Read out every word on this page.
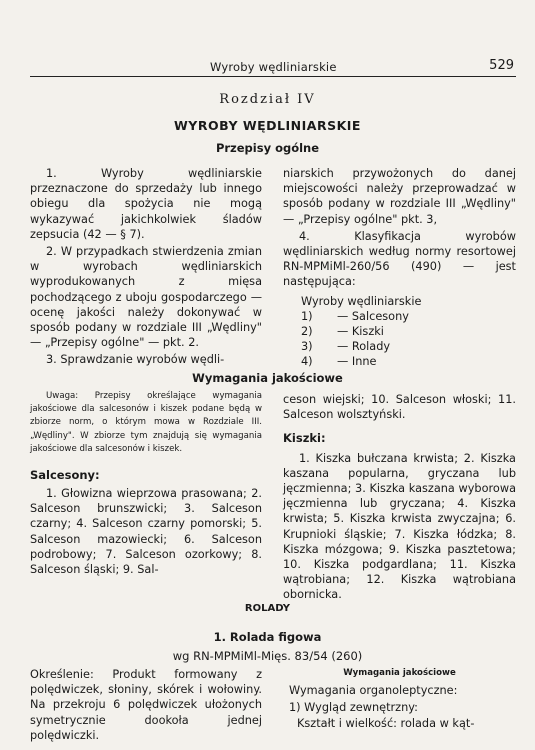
Wyroby wędliniarskie	529
Rozdział IV
WYROBY WĘDLINIARSKIE
Przepisy ogólne

1. Wyroby wędliniarskie przeznaczone do sprzedaży lub innego obiegu dla spożycia nie mogą wykazywać jakichkolwiek śladów zepsucia (42 — § 7).

2. W przypadkach stwierdzenia zmian w wyrobach wędliniarskich wyprodukowanych z mięsa pochodzącego z uboju gospodarczego — ocenę jakości należy dokonywać w sposób podany w rozdziale III „Wędliny" — „Przepisy ogólne" — pkt. 2.

3. Sprawdzanie wyrobów wędli-

niarskich przywożonych do danej miejscowości należy przeprowadzać w sposób podany w rozdziale III „Wędliny" — „Przepisy ogólne" pkt. 3,

4. Klasyfikacja wyrobów wędliniarskich według normy resortowej RN-MPMiMl-260/56 (490) — jest następująca:

Wyroby wędliniarskie

1)	— Salcesony
2)	— Kiszki
3)	— Rolady
4)	— Inne
Wymagania jakościowe

Uwaga: Przepisy określające wymagania jakościowe dla salcesonów i kiszek podane będą w zbiorze norm, o którym mowa w Rozdziale III. „Wędliny". W zbiorze tym znajdują się wymagania jakościowe dla salcesonów i kiszek.

Salcesony:

1. Głowizna wieprzowa prasowana; 2. Salceson brunszwicki; 3. Salceson czarny; 4. Salceson czarny pomorski; 5. Salceson mazowiecki; 6. Salceson podrobowy; 7. Salceson ozorkowy; 8. Salceson śląski; 9. Sal-

ceson wiejski; 10. Salceson włoski; 11. Salceson wolsztyński.

Kiszki:

1. Kiszka bułczana krwista; 2. Kiszka kaszana popularna, gryczana lub jęczmienna; 3. Kiszka kaszana wyborowa jęczmienna lub gryczana; 4. Kiszka krwista; 5. Kiszka krwista zwyczajna; 6. Krupnioki śląskie; 7. Kiszka łódzka; 8. Kiszka mózgowa; 9. Kiszka pasztetowa; 10. Kiszka podgardlana; 11. Kiszka wątrobiana; 12. Kiszka wątrobiana obornicka.

ROLADY
1. Rolada figowa
wg RN-MPMiMl-Mięs. 83/54 (260)

Określenie: Produkt formowany z polędwiczek, słoniny, skórek i wołowiny. Na przekroju 6 polędwiczek ułożonych symetrycznie dookoła jednej polędwiczki.

Wymagania jakościowe

Wymagania organoleptyczne:

1) Wygląd zewnętrzny:

Kształt i wielkość: rolada w kąt-
